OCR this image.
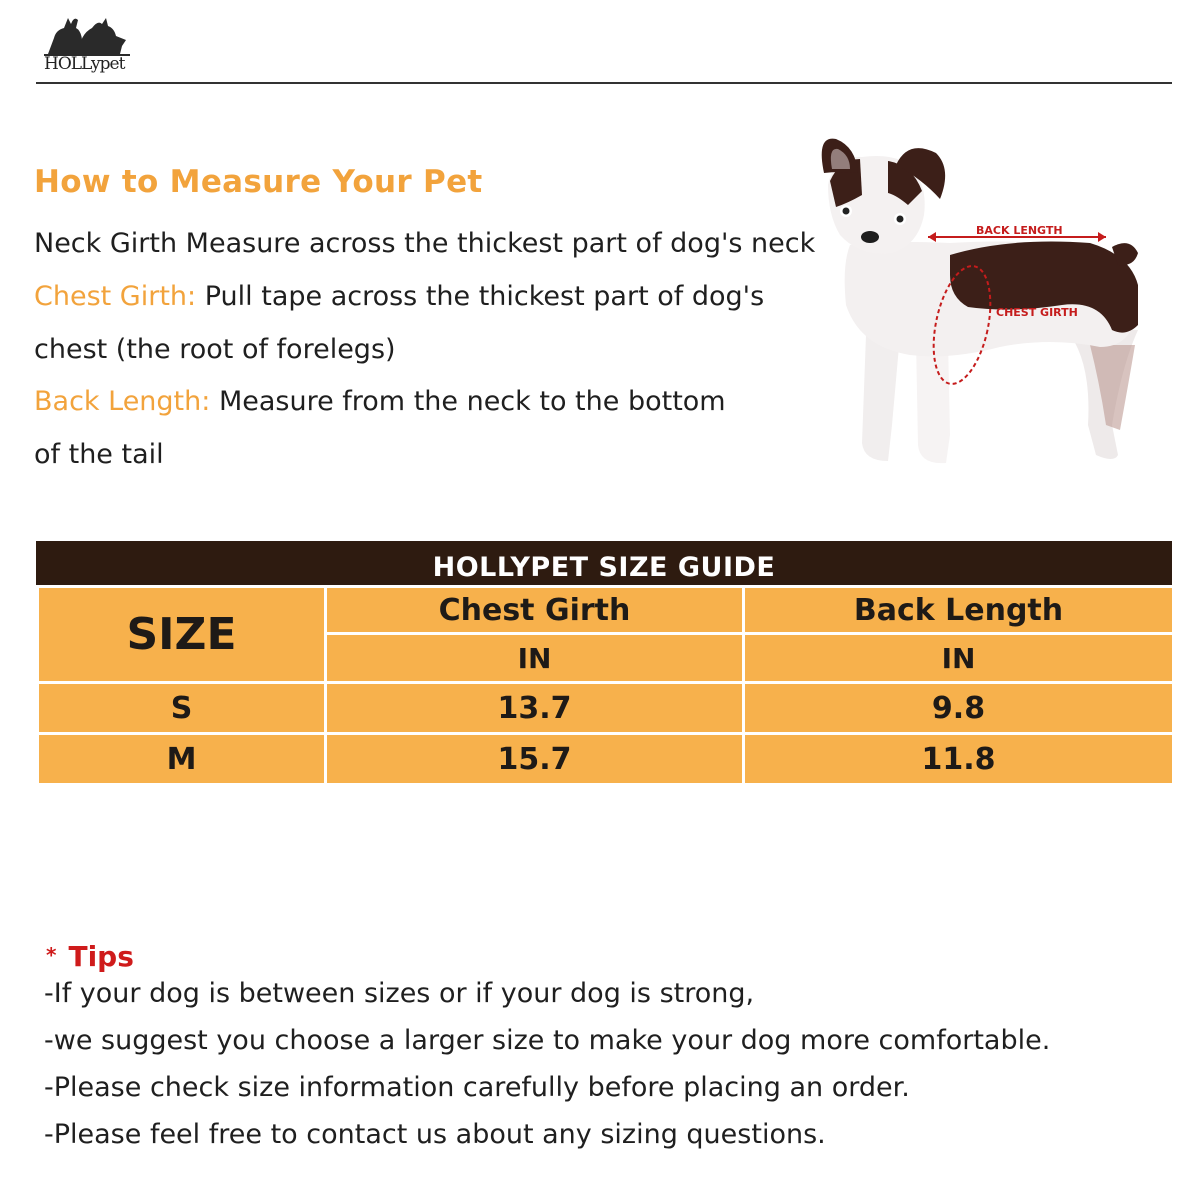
HOLLypet
How to Measure Your Pet
Neck Girth Measure across the thickest part of dog's neck
Chest Girth: Pull tape across the thickest part of dog's
chest (the root of forelegs)
Back Length: Measure from the neck to the bottom
of the tail
BACK LENGTH
CHEST GIRTH
HOLLYPET SIZE GUIDE
SIZE	Chest Girth	Back Length
	IN	IN
S	13.7	9.8
M	15.7	11.8
* Tips
-If your dog is between sizes or if your dog is strong,
-we suggest you choose a larger size to make your dog more comfortable.
-Please check size information carefully before placing an order.
-Please feel free to contact us about any sizing questions.
